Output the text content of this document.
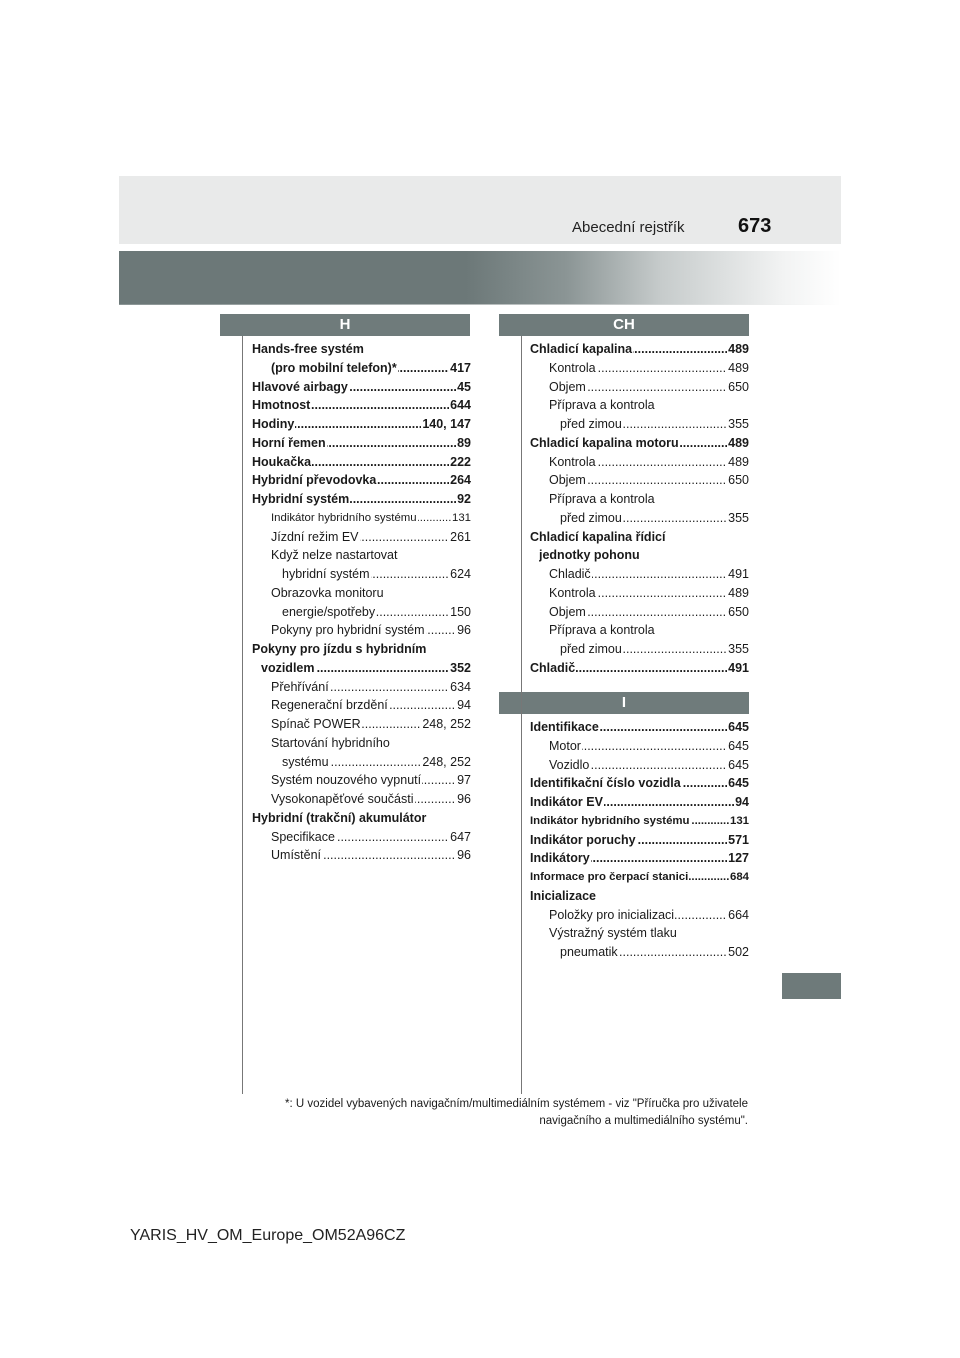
Abecední rejstřík	673
H	CH
I
Hands-free systém
..... (pro mobilní telefon)*	417
..... Hlavové airbagy	45
..... Hmotnost	644
..... Hodiny	140, 147
..... Horní řemen	89
..... Houkačka	222
..... Hybridní převodovka	264
..... Hybridní systém	92
..... Indikátor hybridního systému	131
..... Jízdní režim EV	261
Když nelze nastartovat
..... hybridní systém	624
Obrazovka monitoru
..... energie/spotřeby	150
..... Pokyny pro hybridní systém	96
Pokyny pro jízdu s hybridním
..... vozidlem	352
..... Přehřívání	634
..... Regenerační brzdění	94
..... Spínač POWER	248, 252
Startování hybridního
..... systému	248, 252
..... Systém nouzového vypnutí	97
..... Vysokonapěťové součásti	96
Hybridní (trakční) akumulátor
..... Specifikace	647
..... Umístění	96
..... Chladicí kapalina	489
..... Kontrola	489
..... Objem	650
Příprava a kontrola
..... před zimou	355
..... Chladicí kapalina motoru	489
..... Kontrola	489
..... Objem	650
Příprava a kontrola
..... před zimou	355
Chladicí kapalina řídicí
jednotky pohonu
..... Chladič	491
..... Kontrola	489
..... Objem	650
Příprava a kontrola
..... před zimou	355
..... Chladič	491
..... Identifikace	645
..... Motor	645
..... Vozidlo	645
..... Identifikační číslo vozidla	645
..... Indikátor EV	94
..... Indikátor hybridního systému	131
..... Indikátor poruchy	571
..... Indikátory	127
..... Informace pro čerpací stanici	684
Inicializace
..... Položky pro inicializaci	664
Výstražný systém tlaku
..... pneumatik	502
*: U vozidel vybavených navigačním/multimediálním systémem - viz "Příručka pro uživatele
navigačního a multimediálního systému".
YARIS_HV_OM_Europe_OM52A96CZ
